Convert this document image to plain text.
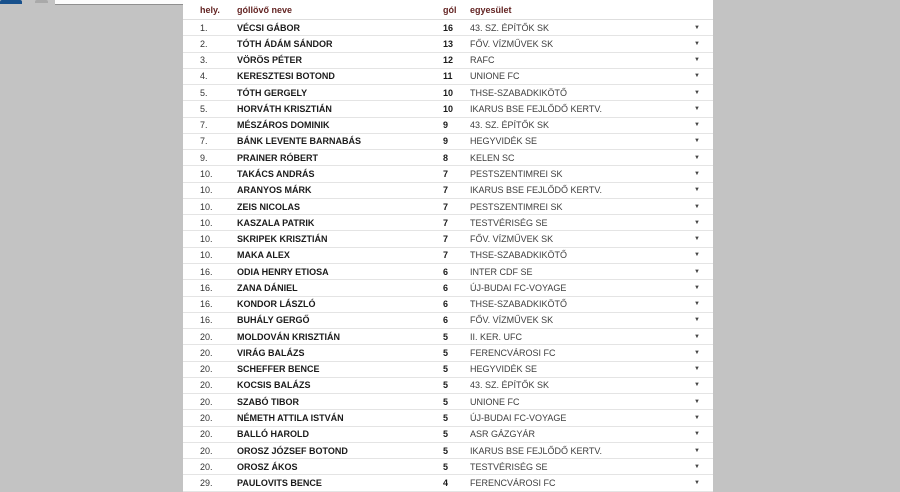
hely. góllövő neve	gól egyesület
1.	VÉCSI GÁBOR	16 43. SZ. ÉPÍTŐK SK	▼
2.	TÓTH ÁDÁM SÁNDOR	13 FŐV. VÍZMŰVEK SK	▼
3.	VÖRÖS PÉTER	12 RAFC	▼
4.	KERESZTESI BOTOND	11 UNIONE FC	▼
5.	TÓTH GERGELY	10 THSE-SZABADKIKÖTŐ	▼
5.	HORVÁTH KRISZTIÁN	10 IKARUS BSE FEJLŐDŐ KERTV.	▼
7.	MÉSZÁROS DOMINIK	9 43. SZ. ÉPÍTŐK SK	▼
7.	BÁNK LEVENTE BARNABÁS	9 HEGYVIDÉK SE	▼
9.	PRAINER RÓBERT	8 KELEN SC	▼
10.	TAKÁCS ANDRÁS	7 PESTSZENTIMREI SK	▼
10.	ARANYOS MÁRK	7 IKARUS BSE FEJLŐDŐ KERTV.	▼
10.	ZEIS NICOLAS	7 PESTSZENTIMREI SK	▼
10.	KASZALA PATRIK	7 TESTVÉRISÉG SE	▼
10.	SKRIPEK KRISZTIÁN	7 FŐV. VÍZMŰVEK SK	▼
10.	MAKA ALEX	7 THSE-SZABADKIKÖTŐ	▼
16.	ODIA HENRY ETIOSA	6 INTER CDF SE	▼
16.	ZANA DÁNIEL	6 ÚJ-BUDAI FC-VOYAGE	▼
16.	KONDOR LÁSZLÓ	6 THSE-SZABADKIKÖTŐ	▼
16.	BUHÁLY GERGŐ	6 FŐV. VÍZMŰVEK SK	▼
20.	MOLDOVÁN KRISZTIÁN	5 II. KER. UFC	▼
20.	VIRÁG BALÁZS	5 FERENCVÁROSI FC	▼
20.	SCHEFFER BENCE	5 HEGYVIDÉK SE	▼
20.	KOCSIS BALÁZS	5 43. SZ. ÉPÍTŐK SK	▼
20.	SZABÓ TIBOR	5 UNIONE FC	▼
20.	NÉMETH ATTILA ISTVÁN	5 ÚJ-BUDAI FC-VOYAGE	▼
20.	BALLÓ HAROLD	5 ASR GÁZGYÁR	▼
20.	OROSZ JÓZSEF BOTOND	5 IKARUS BSE FEJLŐDŐ KERTV.	▼
20.	OROSZ ÁKOS	5 TESTVÉRISÉG SE	▼
29.	PAULOVITS BENCE	4 FERENCVÁROSI FC	▼
